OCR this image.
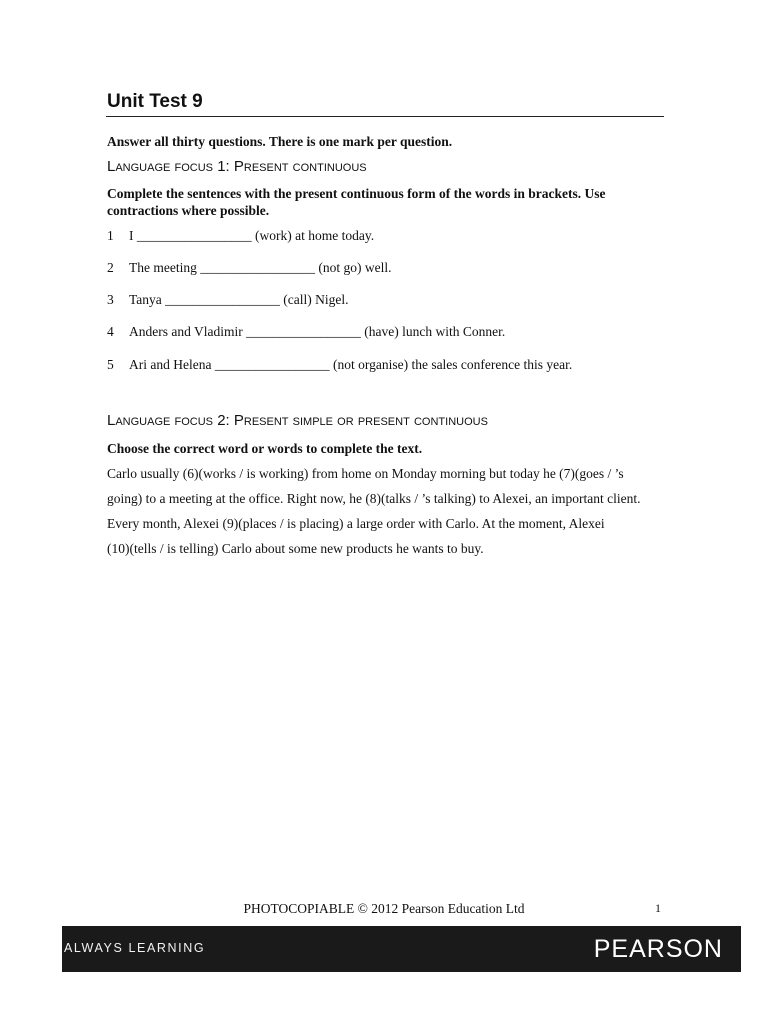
Unit Test 9
Answer all thirty questions. There is one mark per question.
Language focus 1: Present continuous
Complete the sentences with the present continuous form of the words in brackets. Use contractions where possible.
1 I _________________ (work) at home today.
2 The meeting _________________ (not go) well.
3 Tanya _________________ (call) Nigel.
4 Anders and Vladimir _________________ (have) lunch with Conner.
5 Ari and Helena _________________ (not organise) the sales conference this year.
Language focus 2: Present simple or present continuous
Choose the correct word or words to complete the text.
Carlo usually (6)(works / is working) from home on Monday morning but today he (7)(goes / ’s
going) to a meeting at the office. Right now, he (8)(talks / ’s talking) to Alexei, an important client.
Every month, Alexei (9)(places / is placing) a large order with Carlo. At the moment, Alexei
(10)(tells / is telling) Carlo about some new products he wants to buy.
PHOTOCOPIABLE © 2012 Pearson Education Ltd	1
ALWAYS LEARNING	PEARSON
